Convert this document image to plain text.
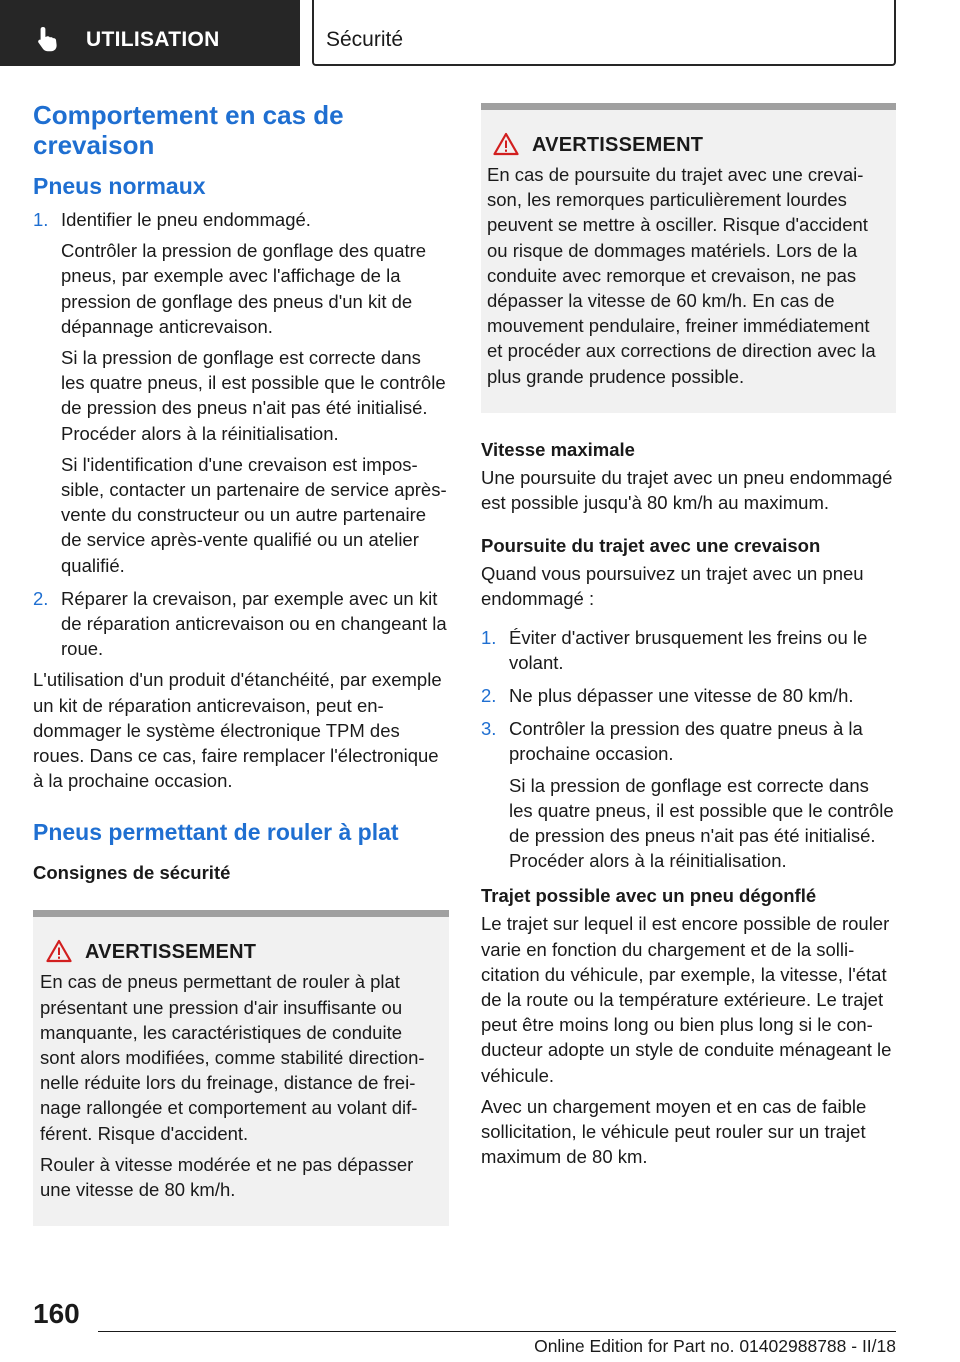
UTILISATION	Sécurité
Comportement en cas de crevaison
Pneus normaux
1. Identifier le pneu endommagé.
Contrôler la pression de gonflage des quatre pneus, par exemple avec l'affichage de la pression de gonflage des pneus d'un kit de dépannage anticrevaison.
Si la pression de gonflage est correcte dans les quatre pneus, il est possible que le contrôle de pression des pneus n'ait pas été initialisé. Procéder alors à la réinitialisation.
Si l'identification d'une crevaison est impossible, contacter un partenaire de service après-vente du constructeur ou un autre partenaire de service après-vente qualifié ou un atelier qualifié.
2. Réparer la crevaison, par exemple avec un kit de réparation anticrevaison ou en changeant la roue.
L'utilisation d'un produit d'étanchéité, par exemple un kit de réparation anticrevaison, peut endommager le système électronique TPM des roues. Dans ce cas, faire remplacer l'électronique à la prochaine occasion.
Pneus permettant de rouler à plat
Consignes de sécurité
AVERTISSEMENT
En cas de pneus permettant de rouler à plat présentant une pression d'air insuffisante ou manquante, les caractéristiques de conduite sont alors modifiées, comme stabilité directionnelle réduite lors du freinage, distance de freinage rallongée et comportement au volant différent. Risque d'accident.
Rouler à vitesse modérée et ne pas dépasser une vitesse de 80 km/h.
AVERTISSEMENT
En cas de poursuite du trajet avec une crevaison, les remorques particulièrement lourdes peuvent se mettre à osciller. Risque d'accident ou risque de dommages matériels. Lors de la conduite avec remorque et crevaison, ne pas dépasser la vitesse de 60 km/h. En cas de mouvement pendulaire, freiner immédiatement et procéder aux corrections de direction avec la plus grande prudence possible.
Vitesse maximale
Une poursuite du trajet avec un pneu endommagé est possible jusqu'à 80 km/h au maximum.
Poursuite du trajet avec une crevaison
Quand vous poursuivez un trajet avec un pneu endommagé :
1. Éviter d'activer brusquement les freins ou le volant.
2. Ne plus dépasser une vitesse de 80 km/h.
3. Contrôler la pression des quatre pneus à la prochaine occasion.
Si la pression de gonflage est correcte dans les quatre pneus, il est possible que le contrôle de pression des pneus n'ait pas été initialisé. Procéder alors à la réinitialisation.
Trajet possible avec un pneu dégonflé
Le trajet sur lequel il est encore possible de rouler varie en fonction du chargement et de la sollicitation du véhicule, par exemple, la vitesse, l'état de la route ou la température extérieure. Le trajet peut être moins long ou bien plus long si le conducteur adopte un style de conduite ménageant le véhicule.
Avec un chargement moyen et en cas de faible sollicitation, le véhicule peut rouler sur un trajet maximum de 80 km.
160
Online Edition for Part no. 01402988788 - II/18
